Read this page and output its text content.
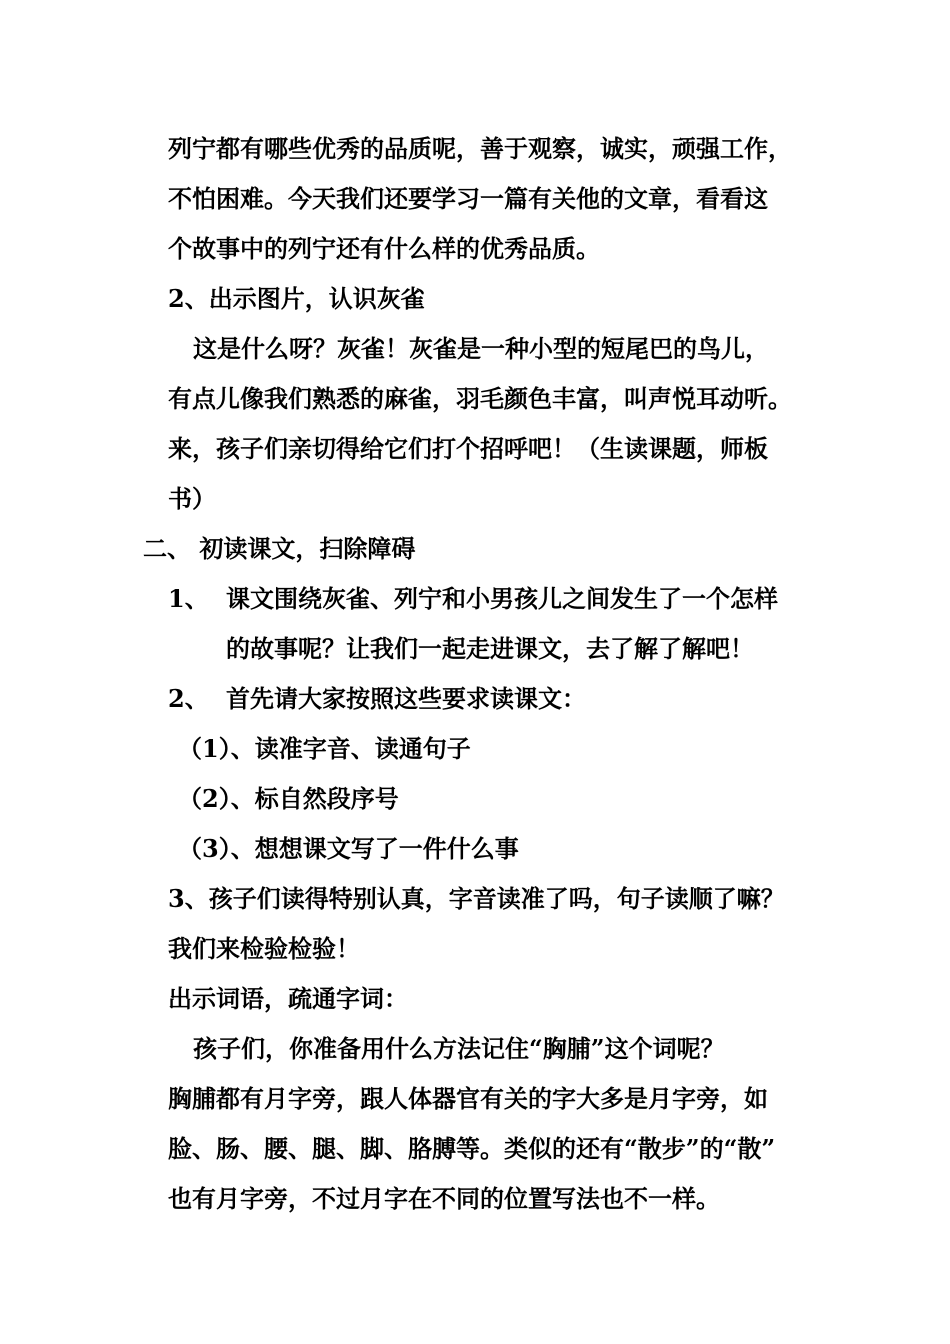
列宁都有哪些优秀的品质呢，善于观察，诚实，顽强工作，
不怕困难。今天我们还要学习一篇有关他的文章，看看这
个故事中的列宁还有什么样的优秀品质。
2、出示图片，认识灰雀
这是什么呀？灰雀！灰雀是一种小型的短尾巴的鸟儿，
有点儿像我们熟悉的麻雀，羽毛颜色丰富，叫声悦耳动听。
来，孩子们亲切得给它们打个招呼吧！（生读课题，师板
书）
二、 初读课文，扫除障碍
1、 课文围绕灰雀、列宁和小男孩儿之间发生了一个怎样
的故事呢？让我们一起走进课文，去了解了解吧！
2、 首先请大家按照这些要求读课文：
（1）、读准字音、读通句子
（2）、标自然段序号
（3）、想想课文写了一件什么事
3、孩子们读得特别认真，字音读准了吗，句子读顺了嘛？
我们来检验检验！
出示词语，疏通字词：
孩子们，你准备用什么方法记住“胸脯”这个词呢？
胸脯都有月字旁，跟人体器官有关的字大多是月字旁，如
脸、肠、腰、腿、脚、胳膊等。类似的还有“散步”的“散”
也有月字旁，不过月字在不同的位置写法也不一样。
